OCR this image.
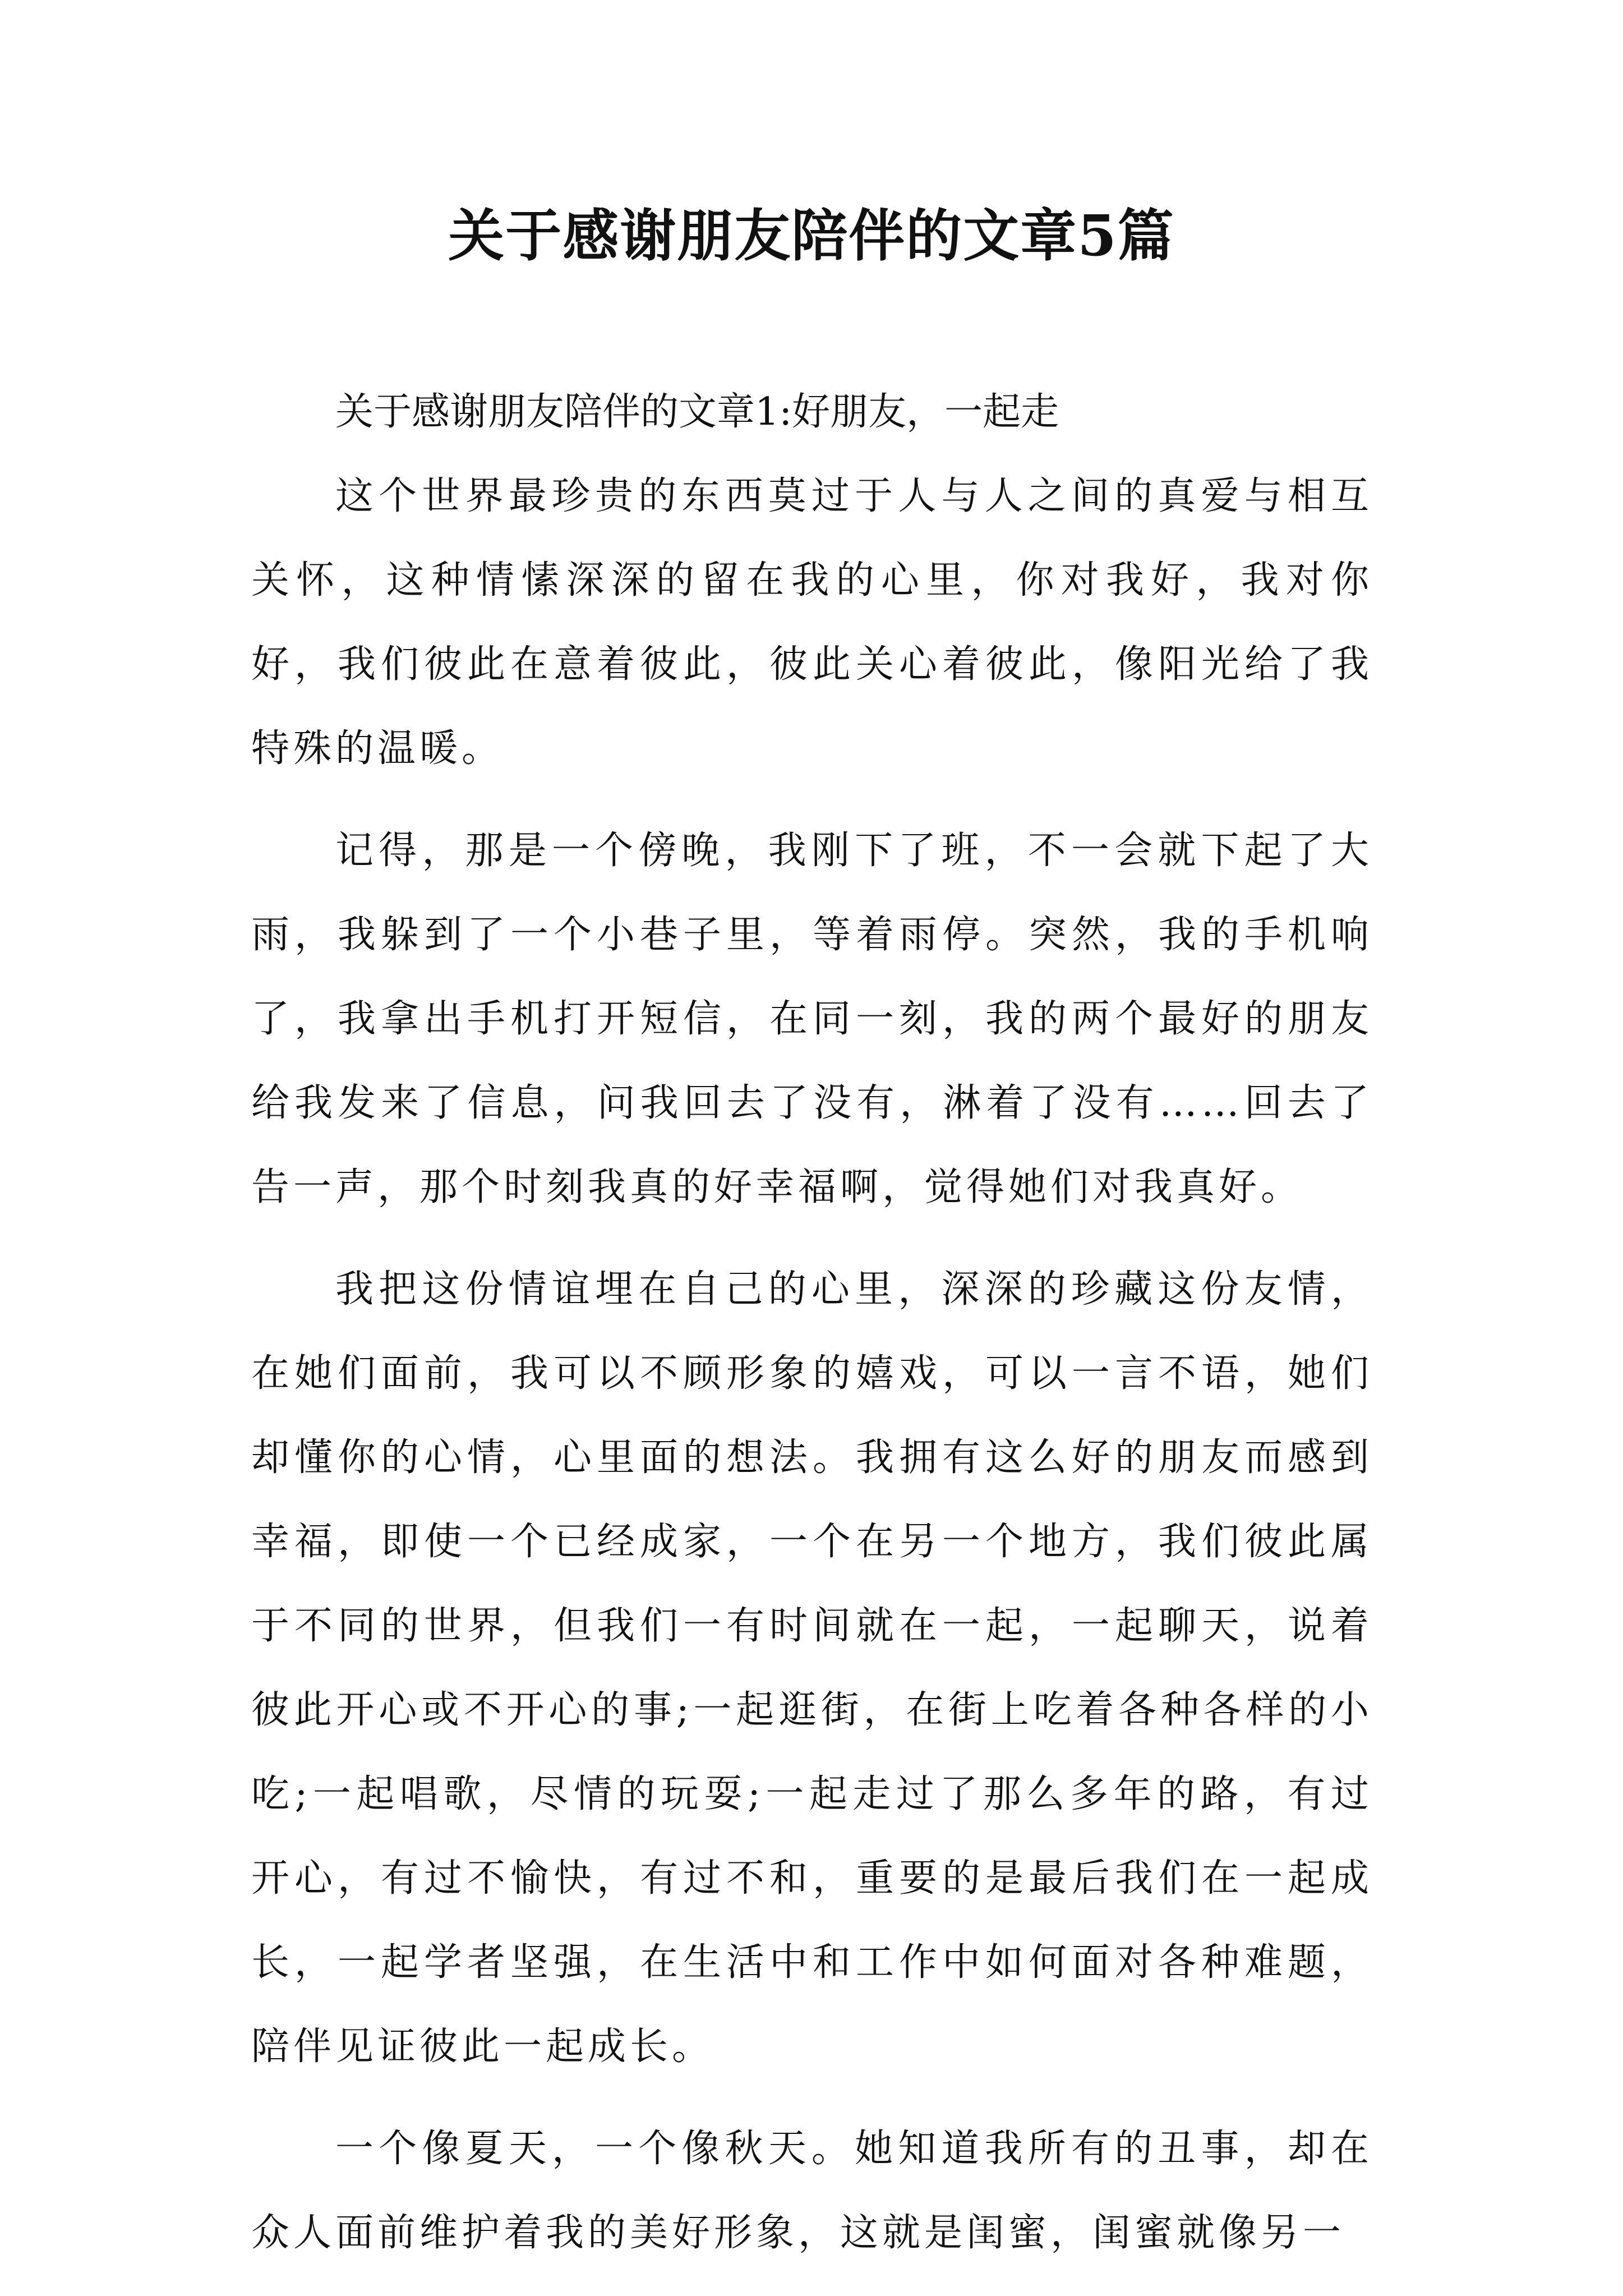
关于感谢朋友陪伴的文章5篇
关于感谢朋友陪伴的文章1:好朋友，一起走

这个世界最珍贵的东西莫过于人与人之间的真爱与相互关怀，这种情愫深深的留在我的心里，你对我好，我对你好，我们彼此在意着彼此，彼此关心着彼此，像阳光给了我特殊的温暖。

记得，那是一个傍晚，我刚下了班，不一会就下起了大雨，我躲到了一个小巷子里，等着雨停。突然，我的手机响了，我拿出手机打开短信，在同一刻，我的两个最好的朋友给我发来了信息，问我回去了没有，淋着了没有……回去了告一声，那个时刻我真的好幸福啊，觉得她们对我真好。

我把这份情谊埋在自己的心里，深深的珍藏这份友情，在她们面前，我可以不顾形象的嬉戏，可以一言不语，她们却懂你的心情，心里面的想法。我拥有这么好的朋友而感到幸福，即使一个已经成家，一个在另一个地方，我们彼此属于不同的世界，但我们一有时间就在一起，一起聊天，说着彼此开心或不开心的事;一起逛街，在街上吃着各种各样的小吃;一起唱歌，尽情的玩耍;一起走过了那么多年的路，有过开心，有过不愉快，有过不和，重要的是最后我们在一起成长，一起学者坚强，在生活中和工作中如何面对各种难题，陪伴见证彼此一起成长。

一个像夏天，一个像秋天。她知道我所有的丑事，却在众人面前维护着我的美好形象，这就是闺蜜，闺蜜就像另一
